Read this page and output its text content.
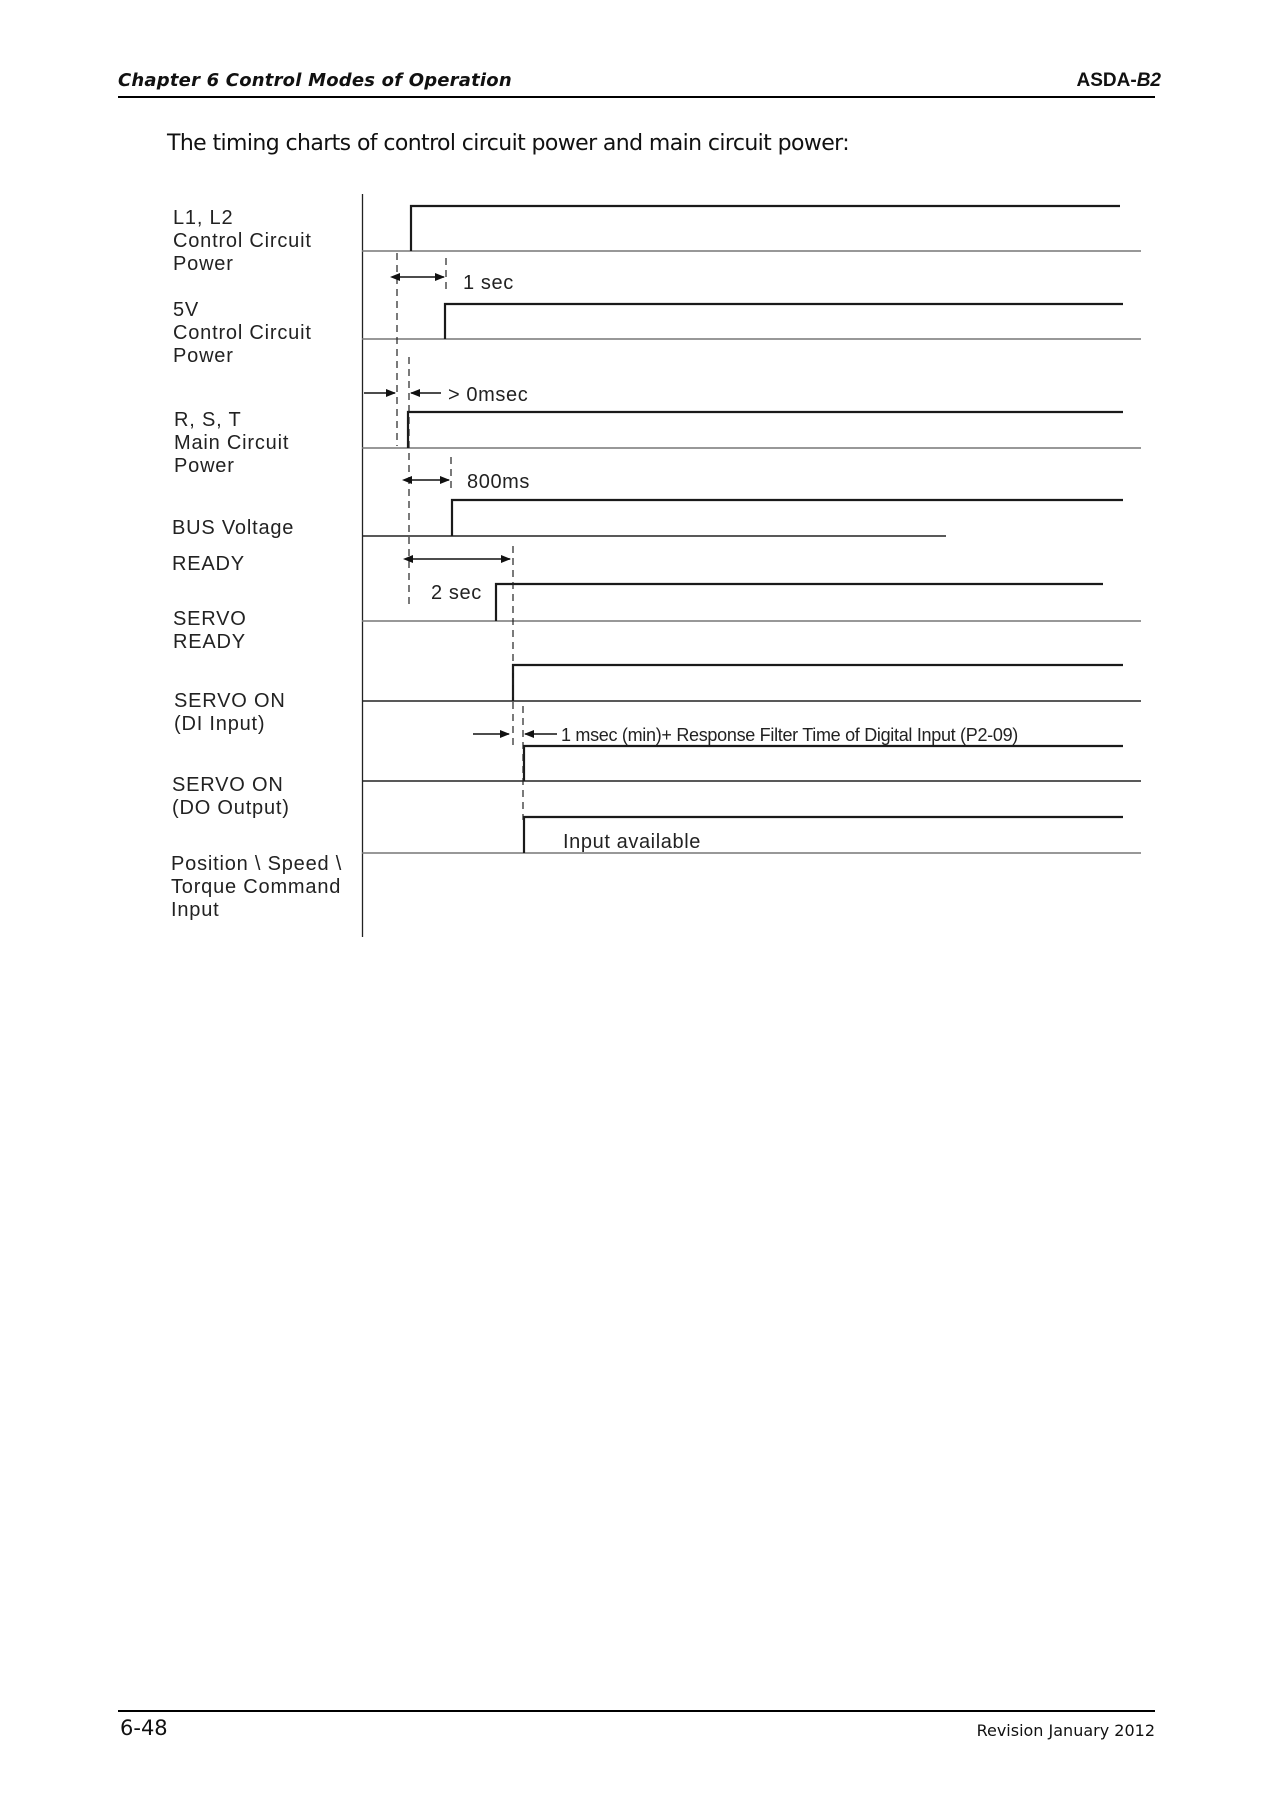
Chapter 6 Control Modes of Operation	ASDA-B2
The timing charts of control circuit power and main circuit power:
L1, L2
Control Circuit
Power
5V
Control Circuit
Power
R, S, T
Main Circuit
Power
BUS Voltage
READY
SERVO
READY
SERVO ON
(DI Input)
SERVO ON
(DO Output)
Position \ Speed \
Torque Command
Input
1 sec
> 0msec
800ms
2 sec
1 msec (min)+ Response Filter Time of Digital Input (P2-09)
Input available
6-48	Revision January 2012
